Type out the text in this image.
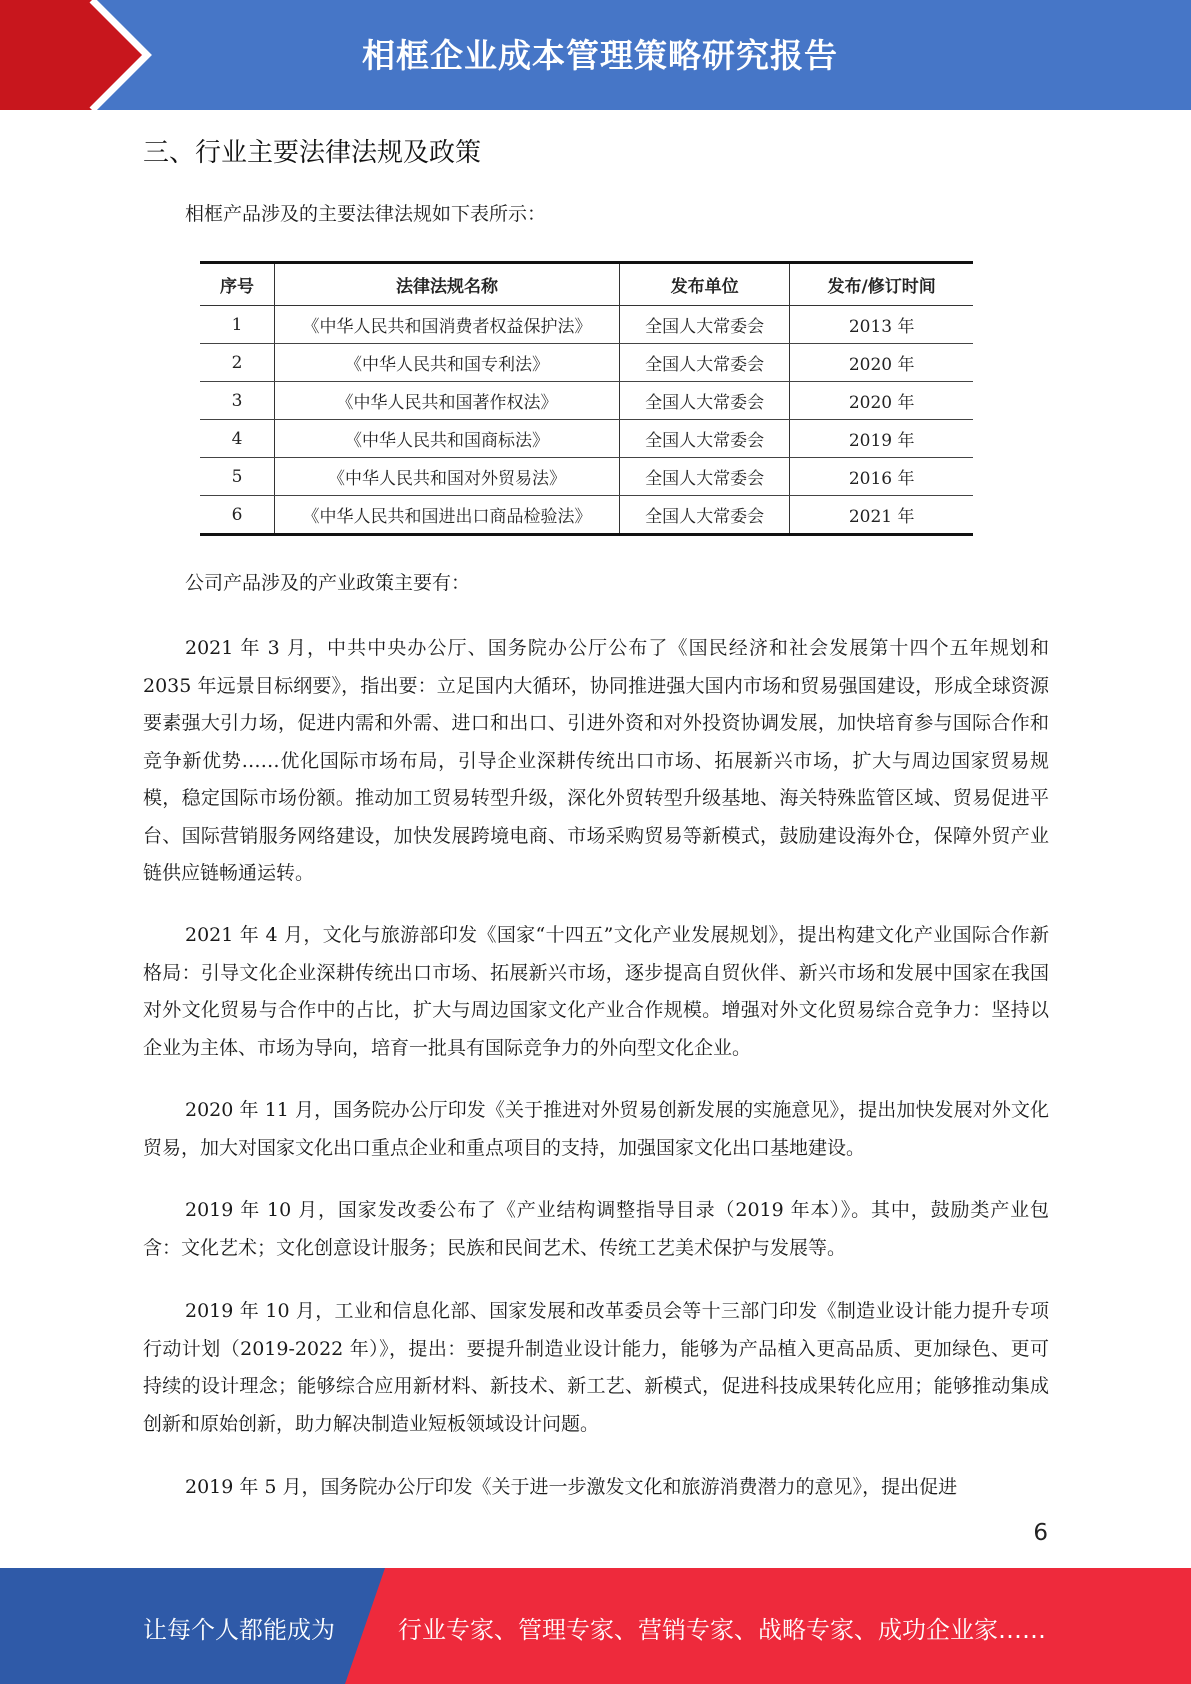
相框企业成本管理策略研究报告
三、行业主要法律法规及政策

相框产品涉及的主要法律法规如下表所示：

序号	法律法规名称	发布单位	发布/修订时间
1	《中华人民共和国消费者权益保护法》	全国人大常委会	2013 年
2	《中华人民共和国专利法》	全国人大常委会	2020 年
3	《中华人民共和国著作权法》	全国人大常委会	2020 年
4	《中华人民共和国商标法》	全国人大常委会	2019 年
5	《中华人民共和国对外贸易法》	全国人大常委会	2016 年
6	《中华人民共和国进出口商品检验法》	全国人大常委会	2021 年

公司产品涉及的产业政策主要有：

2021 年 3 月，中共中央办公厅、国务院办公厅公布了《国民经济和社会发展第十四个五年规划和 2035 年远景目标纲要》，指出要：立足国内大循环，协同推进强大国内市场和贸易强国建设，形成全球资源要素强大引力场，促进内需和外需、进口和出口、引进外资和对外投资协调发展，加快培育参与国际合作和竞争新优势……优化国际市场布局，引导企业深耕传统出口市场、拓展新兴市场，扩大与周边国家贸易规模，稳定国际市场份额。推动加工贸易转型升级，深化外贸转型升级基地、海关特殊监管区域、贸易促进平台、国际营销服务网络建设，加快发展跨境电商、市场采购贸易等新模式，鼓励建设海外仓，保障外贸产业链供应链畅通运转。

2021 年 4 月，文化与旅游部印发《国家“十四五”文化产业发展规划》，提出构建文化产业国际合作新格局：引导文化企业深耕传统出口市场、拓展新兴市场，逐步提高自贸伙伴、新兴市场和发展中国家在我国对外文化贸易与合作中的占比，扩大与周边国家文化产业合作规模。增强对外文化贸易综合竞争力：坚持以企业为主体、市场为导向，培育一批具有国际竞争力的外向型文化企业。

2020 年 11 月，国务院办公厅印发《关于推进对外贸易创新发展的实施意见》，提出加快发展对外文化贸易，加大对国家文化出口重点企业和重点项目的支持，加强国家文化出口基地建设。

2019 年 10 月，国家发改委公布了《产业结构调整指导目录（2019 年本）》。其中，鼓励类产业包含：文化艺术；文化创意设计服务；民族和民间艺术、传统工艺美术保护与发展等。

2019 年 10 月，工业和信息化部、国家发展和改革委员会等十三部门印发《制造业设计能力提升专项行动计划（2019-2022 年）》，提出：要提升制造业设计能力，能够为产品植入更高品质、更加绿色、更可持续的设计理念；能够综合应用新材料、新技术、新工艺、新模式，促进科技成果转化应用；能够推动集成创新和原始创新，助力解决制造业短板领域设计问题。

2019 年 5 月，国务院办公厅印发《关于进一步激发文化和旅游消费潜力的意见》，提出促进

6
让每个人都能成为	行业专家、管理专家、营销专家、战略专家、成功企业家……
